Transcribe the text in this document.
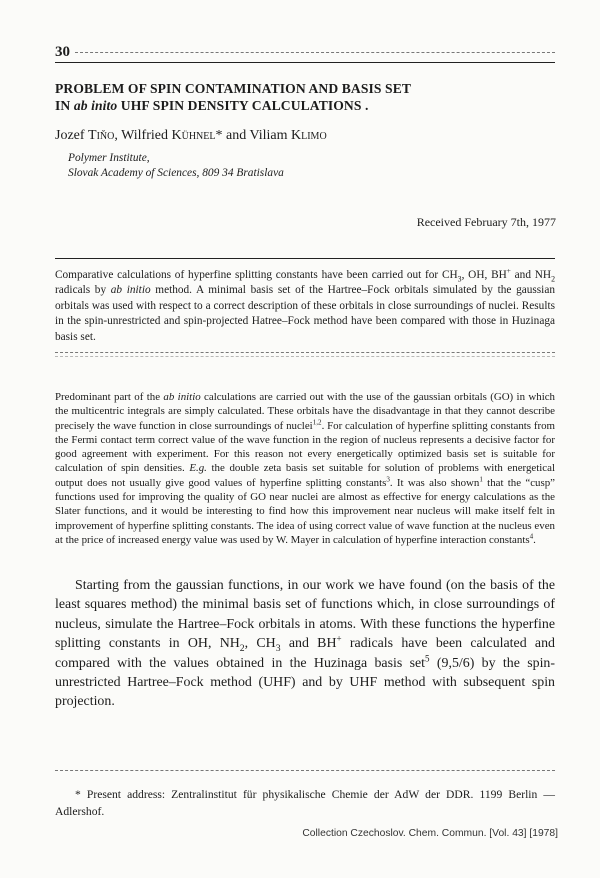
30
PROBLEM OF SPIN CONTAMINATION AND BASIS SET
IN ab inito UHF SPIN DENSITY CALCULATIONS .
Jozef Tiňo, Wilfried Kühnel* and Viliam Klimo
Polymer Institute,
Slovak Academy of Sciences, 809 34 Bratislava
Received February 7th, 1977
Comparative calculations of hyperfine splitting constants have been carried out for $CH_3$, OH, BH+ and $NH_2$ radicals by ab initio method. A minimal basis set of the Hartree–Fock orbitals simulated by the gaussian orbitals was used with respect to a correct description of these orbitals in close surroundings of nuclei. Results in the spin-unrestricted and spin-projected Hatree–Fock method have been compared with those in Huzinaga basis set.
Predominant part of the ab initio calculations are carried out with the use of the gaussian orbitals (GO) in which the multicentric integrals are simply calculated. These orbitals have the disadvantage in that they cannot describe precisely the wave function in close surroundings of nuclei$^{1,2}$. For calculation of hyperfine splitting constants from the Fermi contact term correct value of the wave function in the region of nucleus represents a decisive factor for good agreement with experiment. For this reason not every energetically optimized basis set is suitable for calculation of spin densities. E.g. the double zeta basis set suitable for solution of problems with energetical output does not usually give good values of hyperfine splitting constants$^3$. It was also shown$^1$ that the “cusp” functions used for improving the quality of GO near nuclei are almost as effective for energy calculations as the Slater functions, and it would be interesting to find how this improvement near nucleus will make itself felt in improvement of hyperfine splitting constants. The idea of using correct value of wave function at the nucleus even at the price of increased energy value was used by W. Mayer in calculation of hyperfine interaction constants$^4$.
Starting from the gaussian functions, in our work we have found (on the basis of the least squares method) the minimal basis set of functions which, in close surroundings of nucleus, simulate the Hartree–Fock orbitals in atoms. With these functions the hyperfine splitting constants in OH, $NH_2$, $CH_3$ and BH+ radicals have been calculated and compared with the values obtained in the Huzinaga basis set$^5$ (9,5/6) by the spin-unrestricted Hartree–Fock method (UHF) and by UHF method with subsequent spin projection.
* Present address: Zentralinstitut für physikalische Chemie der AdW der DDR. 1199 Berlin — Adlershof.
Collection Czechoslov. Chem. Commun. [Vol. 43] [1978]
